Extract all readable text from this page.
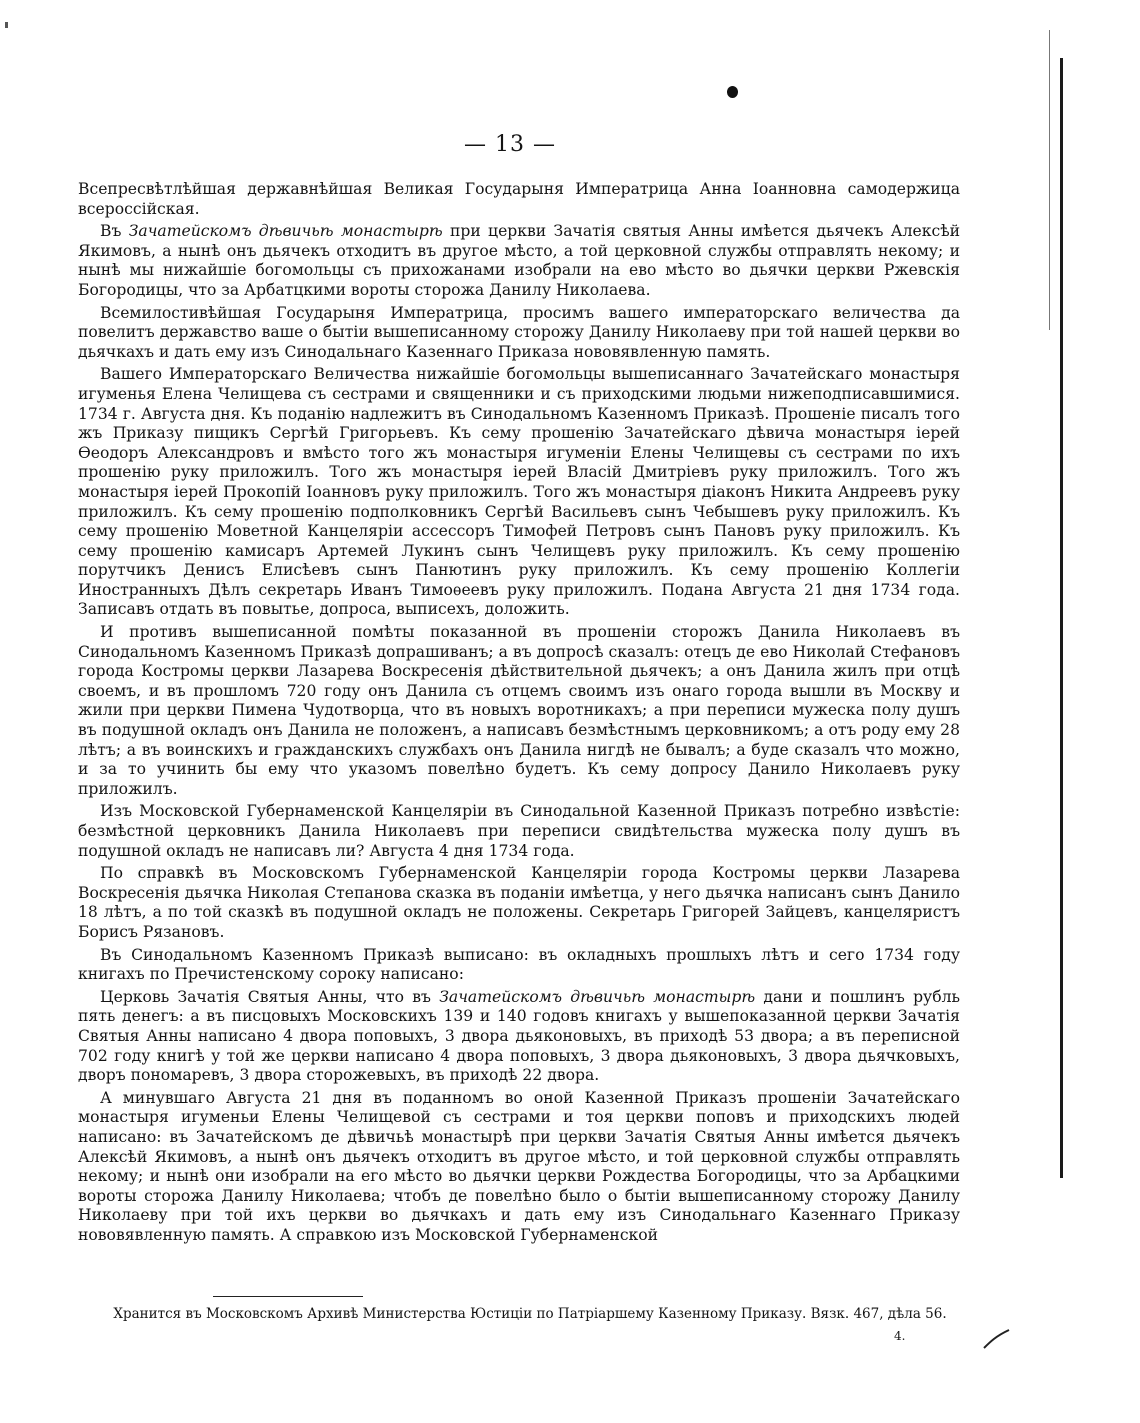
— 13 —

Всепресвѣтлѣйшая державнѣйшая Великая Государыня Императрица Анна Іоанновна самодержица всероссійская.

Въ Зачатейскомъ дѣвичьѣ монастырѣ при церкви Зачатія святыя Анны имѣется дьячекъ Алексѣй Якимовъ, а нынѣ онъ дьячекъ отходитъ въ другое мѣсто, а той церковной службы отправлять некому; и нынѣ мы нижайшіе богомольцы съ прихожанами изобрали на ево мѣсто во дьячки церкви Ржевскія Богородицы, что за Арбатцкими вороты сторожа Данилу Николаева.

Всемилостивѣйшая Государыня Императрица, просимъ вашего императорскаго величества да повелитъ державство ваше о бытіи вышеписанному сторожу Данилу Николаеву при той нашей церкви во дьячкахъ и дать ему изъ Синодальнаго Казеннаго Приказа нововявленную память.

Вашего Императорскаго Величества нижайшіе богомольцы вышеписаннаго Зачатейскаго монастыря игуменья Елена Челищева съ сестрами и священники и съ приходскими людьми нижеподписавшимися. 1734 г. Августа дня. Къ поданію надлежитъ въ Синодальномъ Казенномъ Приказѣ. Прошеніе писалъ того жъ Приказу пищикъ Сергѣй Григорьевъ. Къ сему прошенію Зачатейскаго дѣвича монастыря іерей Ѳеодоръ Александровъ и вмѣсто того жъ монастыря игуменіи Елены Челищевы съ сестрами по ихъ прошенію руку приложилъ. Того жъ монастыря іерей Власій Дмитріевъ руку приложилъ. Того жъ монастыря іерей Прокопій Іоанновъ руку приложилъ. Того жъ монастыря діаконъ Никита Андреевъ руку приложилъ. Къ сему прошенію подполковникъ Сергѣй Васильевъ сынъ Чебышевъ руку приложилъ. Къ сему прошенію Моветной Канцеляріи ассессоръ Тимофей Петровъ сынъ Пановъ руку приложилъ. Къ сему прошенію камисаръ Артемей Лукинъ сынъ Челищевъ руку приложилъ. Къ сему прошенію порутчикъ Денисъ Елисѣевъ сынъ Панютинъ руку приложилъ. Къ сему прошенію Коллегіи Иностранныхъ Дѣлъ секретарь Иванъ Тимоѳеевъ руку приложилъ. Подана Августа 21 дня 1734 года. Записавъ отдать въ повытье, допроса, выписехъ, доложить.

И противъ вышеписанной помѣты показанной въ прошеніи сторожъ Данила Николаевъ въ Синодальномъ Казенномъ Приказѣ допрашиванъ; а въ допросѣ сказалъ: отецъ де ево Николай Стефановъ города Костромы церкви Лазарева Воскресенія дѣйствительной дьячекъ; а онъ Данила жилъ при отцѣ своемъ, и въ прошломъ 720 году онъ Данила съ отцемъ своимъ изъ онаго города вышли въ Москву и жили при церкви Пимена Чудотворца, что въ новыхъ воротникахъ; а при переписи мужеска полу душъ въ подушной окладъ онъ Данила не положенъ, а написавъ безмѣстнымъ церковникомъ; а отъ роду ему 28 лѣтъ; а въ воинскихъ и гражданскихъ службахъ онъ Данила нигдѣ не бывалъ; а буде сказалъ что можно, и за то учинить бы ему что указомъ повелѣно будетъ. Къ сему допросу Данило Николаевъ руку приложилъ.

Изъ Московской Губернаменской Канцеляріи въ Синодальной Казенной Приказъ потребно извѣстіе: безмѣстной церковникъ Данила Николаевъ при переписи свидѣтельства мужеска полу душъ въ подушной окладъ не написавъ ли? Августа 4 дня 1734 года.

По справкѣ въ Московскомъ Губернаменской Канцеляріи города Костромы церкви Лазарева Воскресенія дьячка Николая Степанова сказка въ поданіи имѣетца, у него дьячка написанъ сынъ Данило 18 лѣтъ, а по той сказкѣ въ подушной окладъ не положены. Секретарь Григорей Зайцевъ, канцеляристъ Борисъ Рязановъ.

Въ Синодальномъ Казенномъ Приказѣ выписано: въ окладныхъ прошлыхъ лѣтъ и сего 1734 году книгахъ по Пречистенскому сороку написано:

Церковь Зачатія Святыя Анны, что въ Зачатейскомъ дѣвичьѣ монастырѣ дани и пошлинъ рубль пять денегъ: а въ писцовыхъ Московскихъ 139 и 140 годовъ книгахъ у вышепоказанной церкви Зачатія Святыя Анны написано 4 двора поповыхъ, 3 двора дьяконовыхъ, въ приходѣ 53 двора; а въ переписной 702 году книгѣ у той же церкви написано 4 двора поповыхъ, 3 двора дьяконовыхъ, 3 двора дьячковыхъ, дворъ пономаревъ, 3 двора сторожевыхъ, въ приходѣ 22 двора.

А минувшаго Августа 21 дня въ поданномъ во оной Казенной Приказъ прошеніи Зачатейскаго монастыря игуменьи Елены Челищевой съ сестрами и тоя церкви поповъ и приходскихъ людей написано: въ Зачатейскомъ де дѣвичьѣ монастырѣ при церкви Зачатія Святыя Анны имѣется дьячекъ Алексѣй Якимовъ, а нынѣ онъ дьячекъ отходитъ въ другое мѣсто, и той церковной службы отправлять некому; и нынѣ они изобрали на его мѣсто во дьячки церкви Рождества Богородицы, что за Арбацкими вороты сторожа Данилу Николаева; чтобъ де повелѣно было о бытіи вышеписанному сторожу Данилу Николаеву при той ихъ церкви во дьячкахъ и дать ему изъ Синодальнаго Казеннаго Приказу нововявленную память. А справкою изъ Московской Губернаменской

Хранится въ Московскомъ Архивѣ Министерства Юстиціи по Патріаршему Казенному Приказу. Вязк. 467, дѣла 56.
4.
